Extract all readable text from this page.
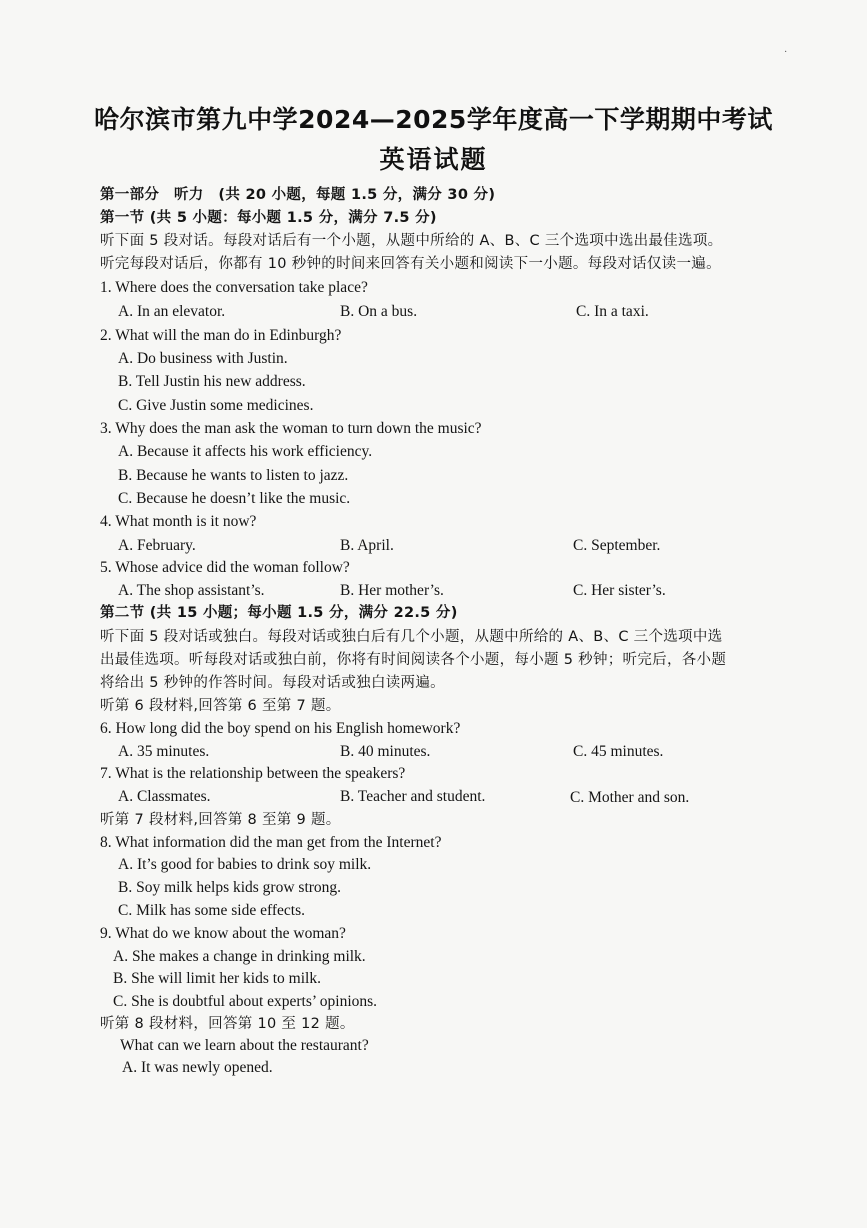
·
哈尔滨市第九中学2024—2025学年度高一下学期期中考试
英语试题
第一部分　听力　(共 20 小题，每题 1.5 分，满分 30 分)
第一节 (共 5 小题：每小题 1.5 分，满分 7.5 分)
听下面 5 段对话。每段对话后有一个小题，从题中所给的 A、B、C 三个选项中选出最佳选项。
听完每段对话后，你都有 10 秒钟的时间来回答有关小题和阅读下一小题。每段对话仅读一遍。
1. Where does the conversation take place?
A. In an elevator.	B. On a bus.	C. In a taxi.
2. What will the man do in Edinburgh?
A. Do business with Justin.
B. Tell Justin his new address.
C. Give Justin some medicines.
3. Why does the man ask the woman to turn down the music?
A. Because it affects his work efficiency.
B. Because he wants to listen to jazz.
C. Because he doesn’t like the music.
4. What month is it now?
A. February.	B. April.	C. September.
5. Whose advice did the woman follow?
A. The shop assistant’s.	B. Her mother’s.	C. Her sister’s.
第二节 (共 15 小题；每小题 1.5 分，满分 22.5 分)
听下面 5 段对话或独白。每段对话或独白后有几个小题，从题中所给的 A、B、C 三个选项中选
出最佳选项。听每段对话或独白前，你将有时间阅读各个小题，每小题 5 秒钟；听完后，各小题
将给出 5 秒钟的作答时间。每段对话或独白读两遍。
听第 6 段材料,回答第 6 至第 7 题。
6. How long did the boy spend on his English homework?
A. 35 minutes.	B. 40 minutes.	C. 45 minutes.
7. What is the relationship between the speakers?
A. Classmates.	B. Teacher and student.	C. Mother and son.
听第 7 段材料,回答第 8 至第 9 题。
8. What information did the man get from the Internet?
A. It’s good for babies to drink soy milk.
B. Soy milk helps kids grow strong.
C. Milk has some side effects.
9. What do we know about the woman?
A. She makes a change in drinking milk.
B. She will limit her kids to milk.
C. She is doubtful about experts’ opinions.
听第 8 段材料，回答第 10 至 12 题。
What can we learn about the restaurant?
A. It was newly opened.
